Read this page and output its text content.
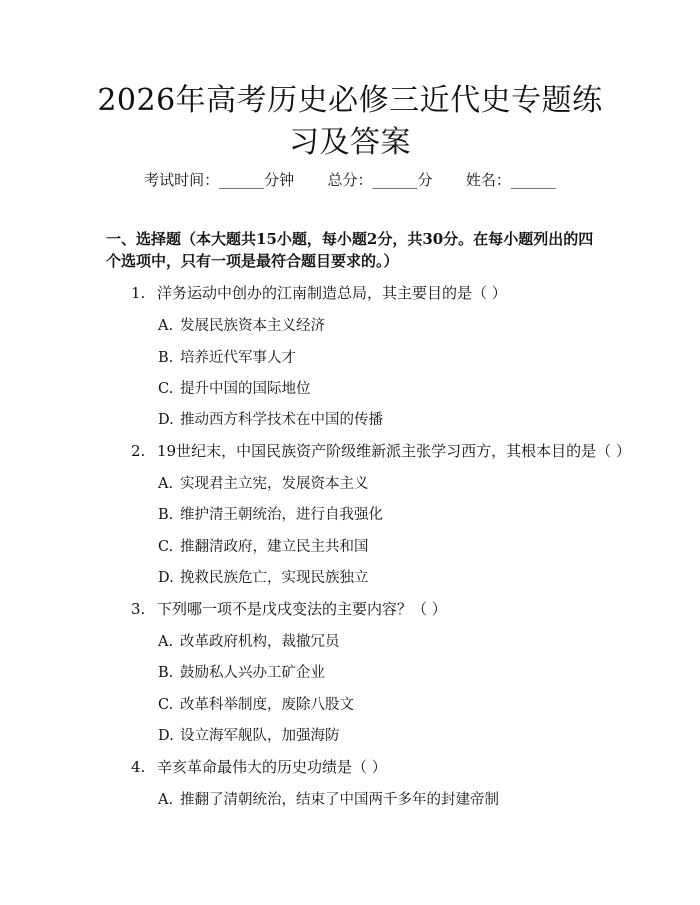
2026年高考历史必修三近代史专题练习及答案
考试时间：______分钟 总分：______分 姓名：______
一、选择题（本大题共15小题，每小题2分，共30分。在每小题列出的四个选项中，只有一项是最符合题目要求的。）
1. 洋务运动中创办的江南制造总局，其主要目的是（ ）
A. 发展民族资本主义经济
B. 培养近代军事人才
C. 提升中国的国际地位
D. 推动西方科学技术在中国的传播
2. 19世纪末，中国民族资产阶级维新派主张学习西方，其根本目的是（ ）
A. 实现君主立宪，发展资本主义
B. 维护清王朝统治，进行自我强化
C. 推翻清政府，建立民主共和国
D. 挽救民族危亡，实现民族独立
3. 下列哪一项不是戊戌变法的主要内容？（ ）
A. 改革政府机构，裁撤冗员
B. 鼓励私人兴办工矿企业
C. 改革科举制度，废除八股文
D. 设立海军舰队，加强海防
4. 辛亥革命最伟大的历史功绩是（ ）
A. 推翻了清朝统治，结束了中国两千多年的封建帝制
